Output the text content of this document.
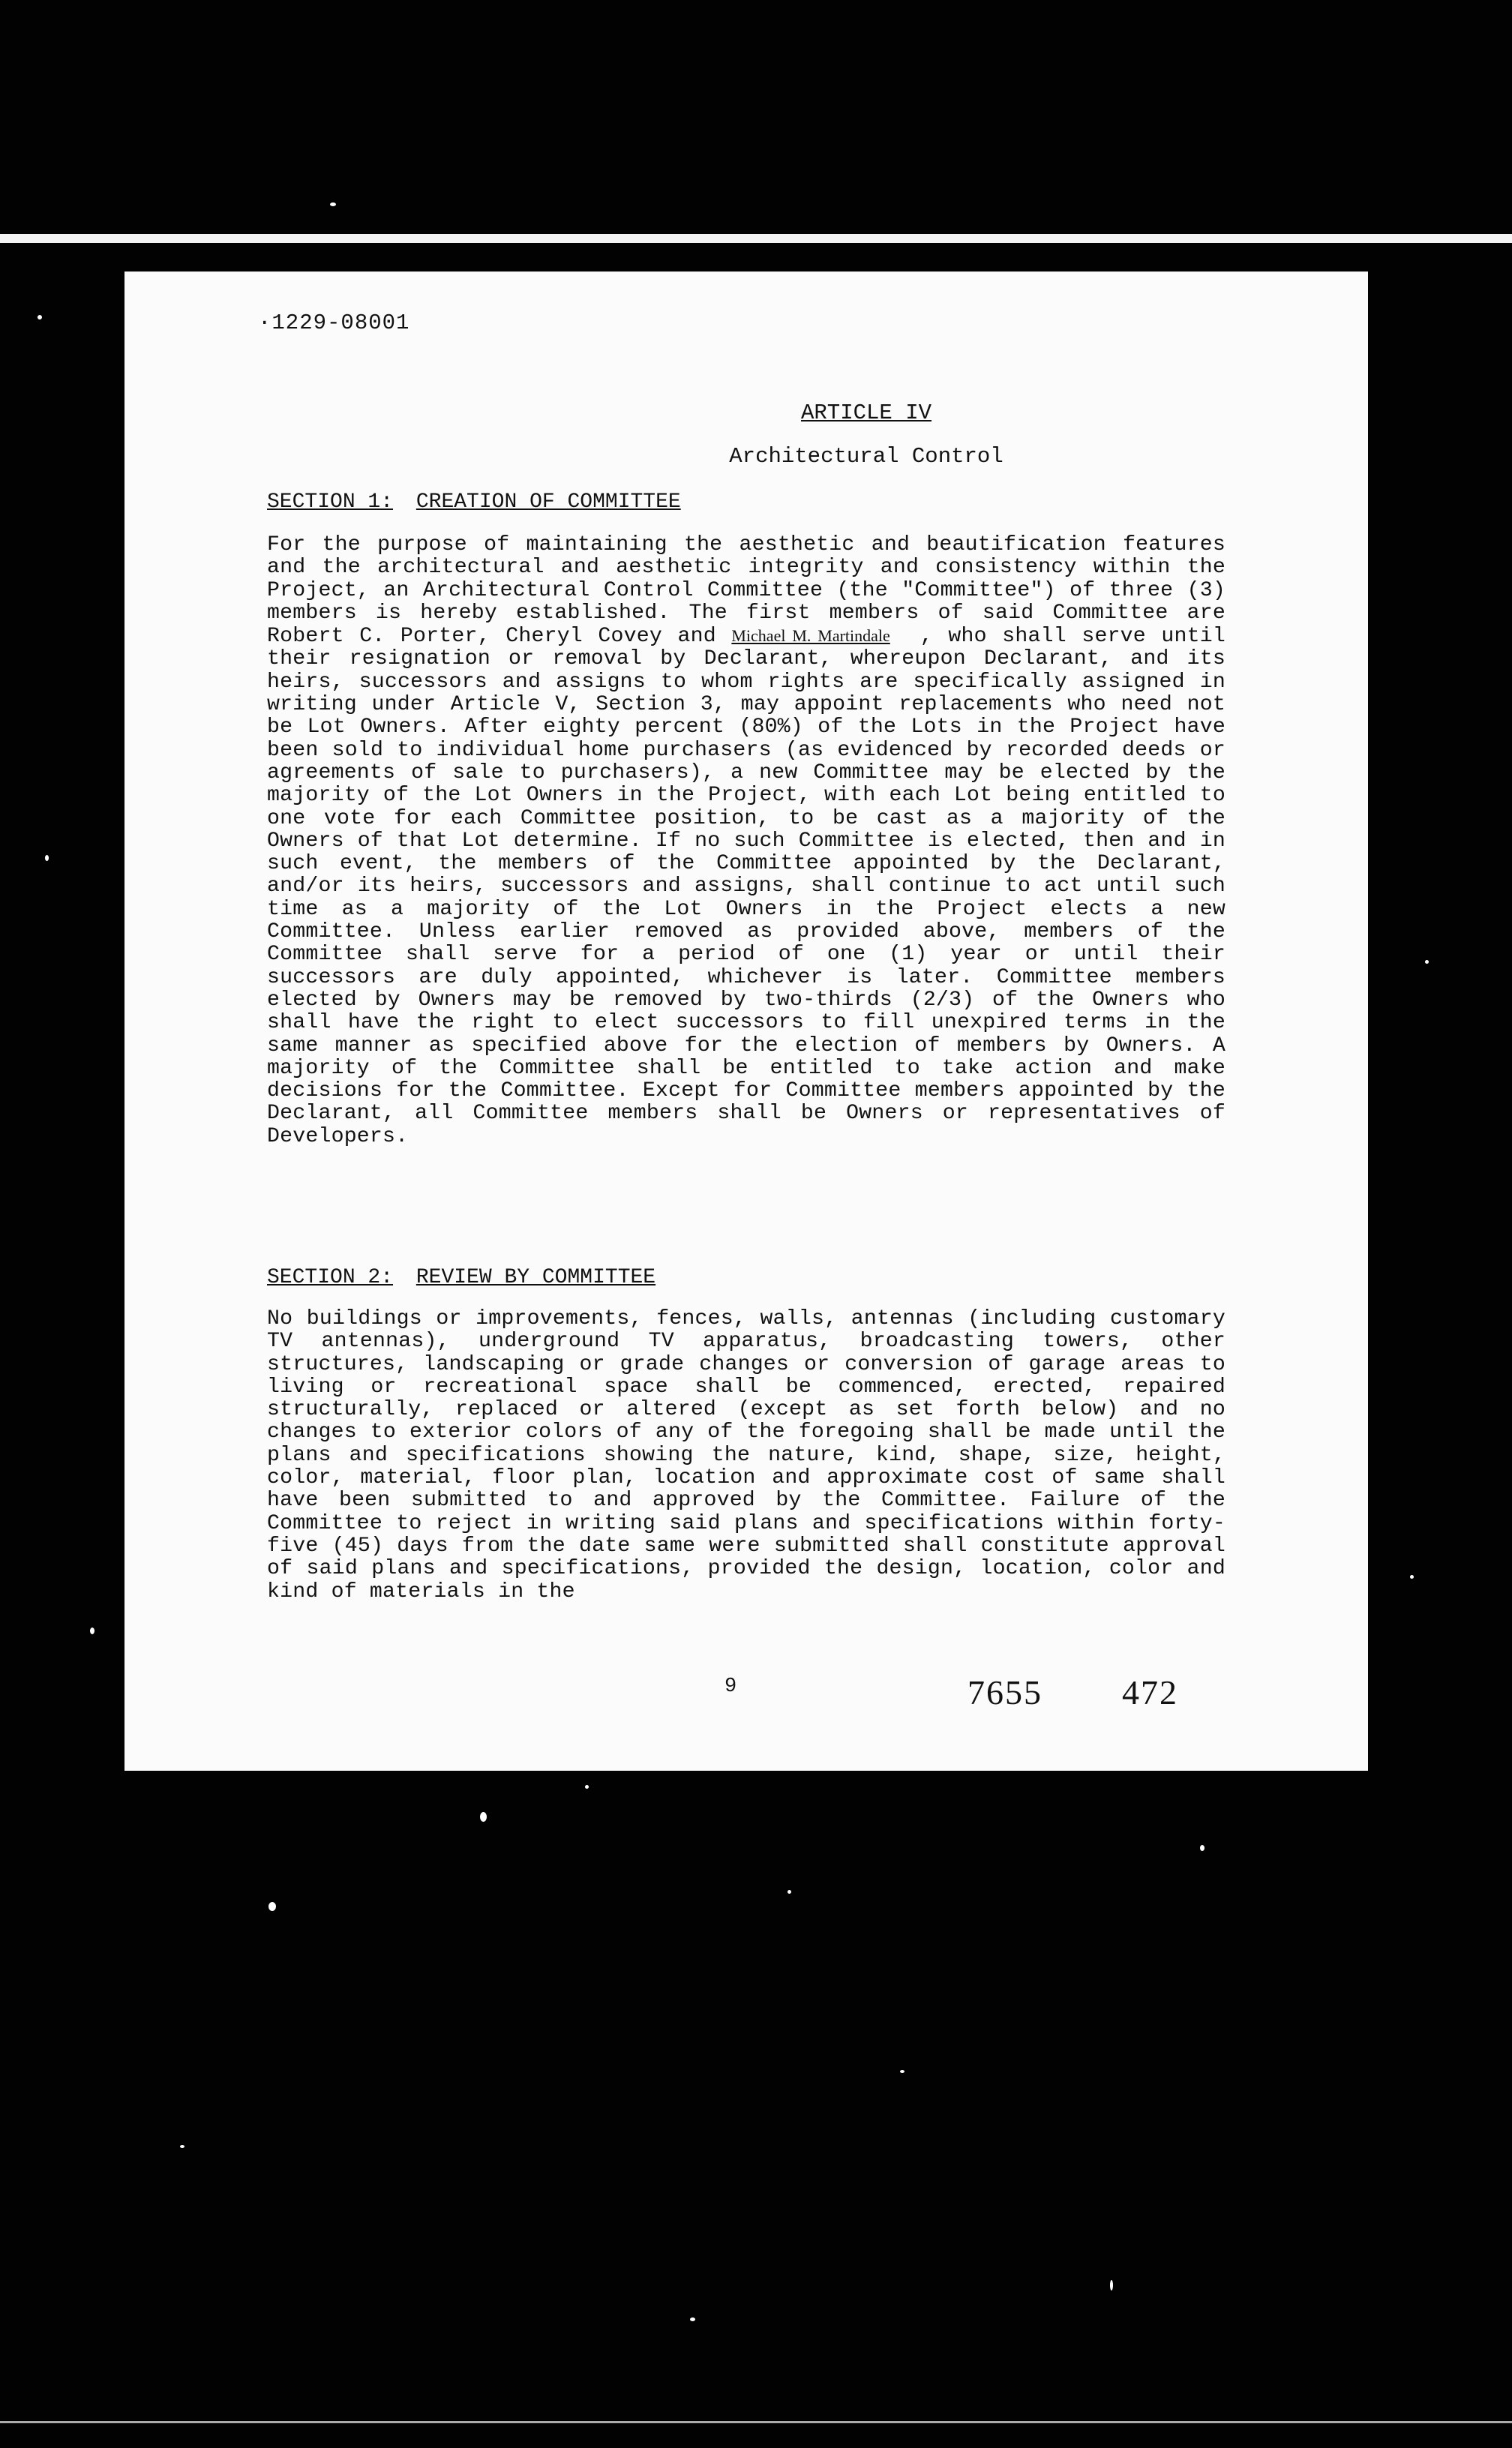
·1229-08001
ARTICLE IV
Architectural Control
SECTION 1: CREATION OF COMMITTEE
For the purpose of maintaining the aesthetic and beautification features and the architectural and aesthetic integrity and consistency within the Project, an Architectural Control Committee (the "Committee") of three (3) members is hereby established. The first members of said Committee are Robert C. Porter, Cheryl Covey and Michael M. Martindale , who shall serve until their resignation or removal by Declarant, whereupon Declarant, and its heirs, successors and assigns to whom rights are specifically assigned in writing under Article V, Section 3, may appoint replacements who need not be Lot Owners. After eighty percent (80%) of the Lots in the Project have been sold to individual home purchasers (as evidenced by recorded deeds or agreements of sale to purchasers), a new Committee may be elected by the majority of the Lot Owners in the Project, with each Lot being entitled to one vote for each Committee position, to be cast as a majority of the Owners of that Lot determine. If no such Committee is elected, then and in such event, the members of the Committee appointed by the Declarant, and/or its heirs, successors and assigns, shall continue to act until such time as a majority of the Lot Owners in the Project elects a new Committee. Unless earlier removed as provided above, members of the Committee shall serve for a period of one (1) year or until their successors are duly appointed, whichever is later. Committee members elected by Owners may be removed by two-thirds (2/3) of the Owners who shall have the right to elect successors to fill unexpired terms in the same manner as specified above for the election of members by Owners. A majority of the Committee shall be entitled to take action and make decisions for the Committee. Except for Committee members appointed by the Declarant, all Committee members shall be Owners or representatives of Developers.
SECTION 2: REVIEW BY COMMITTEE
No buildings or improvements, fences, walls, antennas (including customary TV antennas), underground TV apparatus, broadcasting towers, other structures, landscaping or grade changes or conversion of garage areas to living or recreational space shall be commenced, erected, repaired structurally, replaced or altered (except as set forth below) and no changes to exterior colors of any of the foregoing shall be made until the plans and specifications showing the nature, kind, shape, size, height, color, material, floor plan, location and approximate cost of same shall have been submitted to and approved by the Committee. Failure of the Committee to reject in writing said plans and specifications within forty-five (45) days from the date same were submitted shall constitute approval of said plans and specifications, provided the design, location, color and kind of materials in the
9	7655 472
